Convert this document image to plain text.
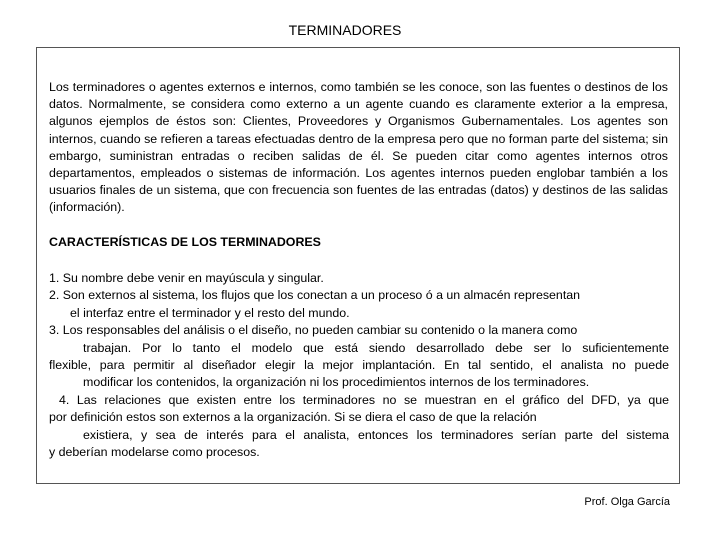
TERMINADORES

Los terminadores o agentes externos e internos, como también se les conoce, son las fuentes o destinos de los datos. Normalmente, se considera como externo a un agente cuando es claramente exterior a la empresa, algunos ejemplos de éstos son: Clientes, Proveedores y Organismos Gubernamentales. Los agentes son internos, cuando se refieren a tareas efectuadas dentro de la empresa pero que no forman parte del sistema; sin embargo, suministran entradas o reciben salidas de él. Se pueden citar como agentes internos otros departamentos, empleados o sistemas de información. Los agentes internos pueden englobar también a los usuarios finales de un sistema, que con frecuencia son fuentes de las entradas (datos) y destinos de las salidas (información).

CARACTERÍSTICAS DE LOS TERMINADORES

1. Su nombre debe venir en mayúscula y singular.

2. Son externos al sistema, los flujos que los conectan a un proceso ó a un almacén representan

el interfaz entre el terminador y el resto del mundo.

3. Los responsables del análisis o el diseño, no pueden cambiar su contenido o la manera como

trabajan. Por lo tanto el modelo que está siendo desarrollado debe ser lo suficientemente

flexible, para permitir al diseñador elegir la mejor implantación. En tal sentido, el analista no puede

modificar los contenidos, la organización ni los procedimientos internos de los terminadores.

4. Las relaciones que existen entre los terminadores no se muestran en el gráfico del DFD, ya que

por definición estos son externos a la organización. Si se diera el caso de que la relación

existiera, y sea de interés para el analista, entonces los terminadores serían parte del sistema

y deberían modelarse como procesos.

Prof. Olga García
